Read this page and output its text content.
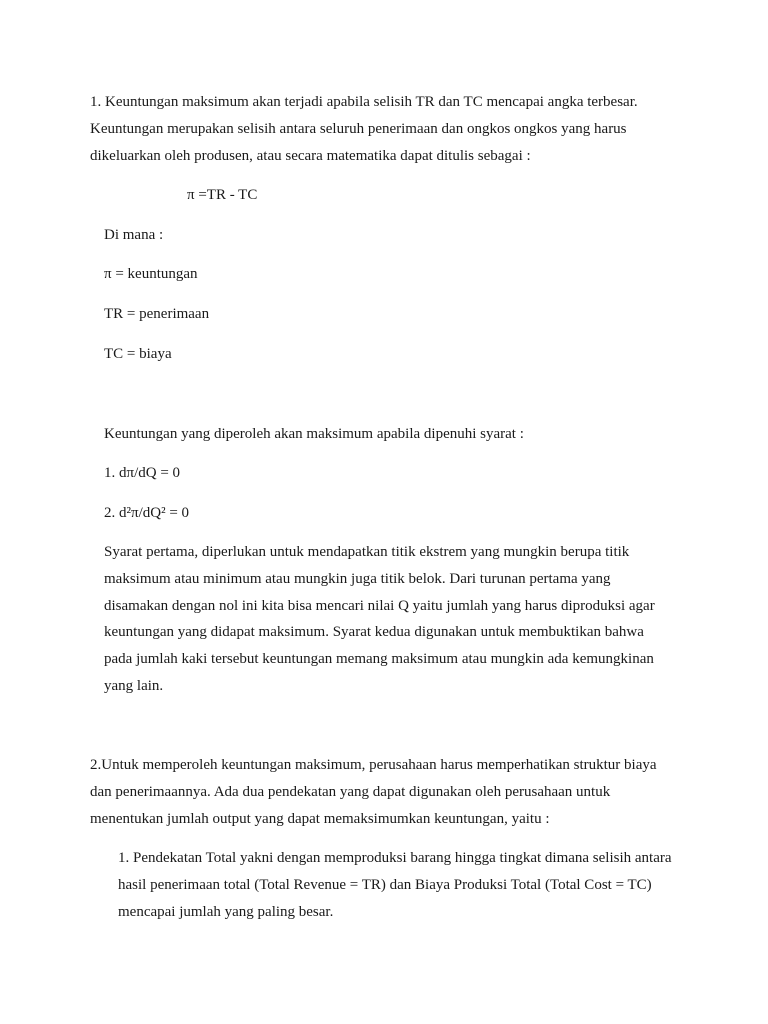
1. Keuntungan maksimum akan terjadi apabila selisih TR dan TC mencapai angka terbesar. Keuntungan merupakan selisih antara seluruh penerimaan dan ongkos ongkos yang harus dikeluarkan oleh produsen, atau secara matematika dapat ditulis sebagai :

π =TR - TC

Di mana :

π = keuntungan

TR = penerimaan

TC = biaya

Keuntungan yang diperoleh akan maksimum apabila dipenuhi syarat :

1. dπ/dQ = 0

2. d²π/dQ² = 0

Syarat pertama, diperlukan untuk mendapatkan titik ekstrem yang mungkin berupa titik maksimum atau minimum atau mungkin juga titik belok. Dari turunan pertama yang disamakan dengan nol ini kita bisa mencari nilai Q yaitu jumlah yang harus diproduksi agar keuntungan yang didapat maksimum. Syarat kedua digunakan untuk membuktikan bahwa pada jumlah kaki tersebut keuntungan memang maksimum atau mungkin ada kemungkinan yang lain.

2.Untuk memperoleh keuntungan maksimum, perusahaan harus memperhatikan struktur biaya dan penerimaannya. Ada dua pendekatan yang dapat digunakan oleh perusahaan untuk menentukan jumlah output yang dapat memaksimumkan keuntungan, yaitu :

1. Pendekatan Total yakni dengan memproduksi barang hingga tingkat dimana selisih antara hasil penerimaan total (Total Revenue = TR) dan Biaya Produksi Total (Total Cost = TC) mencapai jumlah yang paling besar.
